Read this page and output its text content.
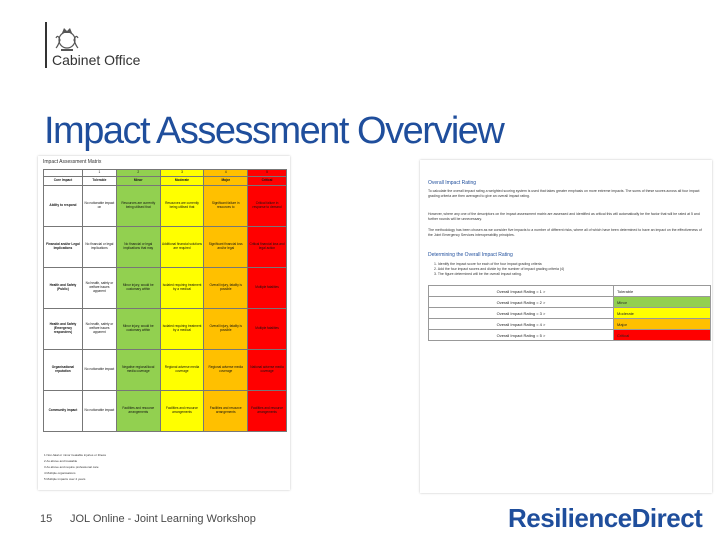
Cabinet Office
Impact Assessment Overview
Impact Assessment Matrix
	1	2	3	4	5
Core Impact	Tolerable	Minor	Moderate	Major	Critical
Ability to respond	No noticeable impact on	Resources are currently being utilised that	Resources are currently being utilised that	Significant failure in resources to	Critical failure in response to demand
Financial and/or Legal Implications	No financial or legal implications	No financial or legal implications that may	Additional financial solutions are required	Significant financial loss and/or legal	Critical financial loss and legal action
Health and Safety (Public)	No health, safety or welfare issues apparent	Minor injury, would be customary within	Isolated requiring treatment by a medical	Overall injury, fatality is possible	Multiple fatalities
Health and Safety (Emergency responders)	No health, safety or welfare issues apparent	Minor injury, would be customary within	Isolated requiring treatment by a medical	Overall injury, fatality is possible	Multiple fatalities
Organisational reputation	No noticeable impact	Negative regional/local media coverage	Regional adverse media coverage	Regional adverse media coverage	National adverse media coverage
Community impact	No noticeable impact	Facilities and resource arrangements	Facilities and resource arrangements	Facilities and resource arrangements	Facilities and resource arrangements
1 Non-fatal or minor treatable injuries or illness
2 As above and treatable
3 As above and require professional care
4 Multiple organisations
5 Multiple impacts over 2 years
Overall Impact Rating
To calculate the overall impact rating a weighted scoring system is used that takes greater emphasis on more extreme impacts. The sums of these scores across all four impact grading criteria are then averaged to give an overall impact rating.
However, where any one of the descriptors on the impact assessment matrix are assessed and identified as critical this will automatically be the factor that will be rated at 5 and further rounds will be unnecessary.
The methodology has been chosen as we consider five impacts to a number of different risks, where all of which have been determined to have an impact on the effectiveness of the Joint Emergency Services interoperability principles.
Determining the Overall Impact Rating
1. Identify the impact score for each of the four impact grading criteria
2. Add the four impact scores and divide by the number of impact grading criteria (4)
3. The figure determined will be the overall impact rating.
Overall Impact Rating = 1 >	Tolerable
Overall Impact Rating = 2 >	Minor
Overall Impact Rating = 3 >	Moderate
Overall Impact Rating = 4 >	Major
Overall Impact Rating = 5 >	Critical
15 JOL Online - Joint Learning Workshop	ResilienceDirect
